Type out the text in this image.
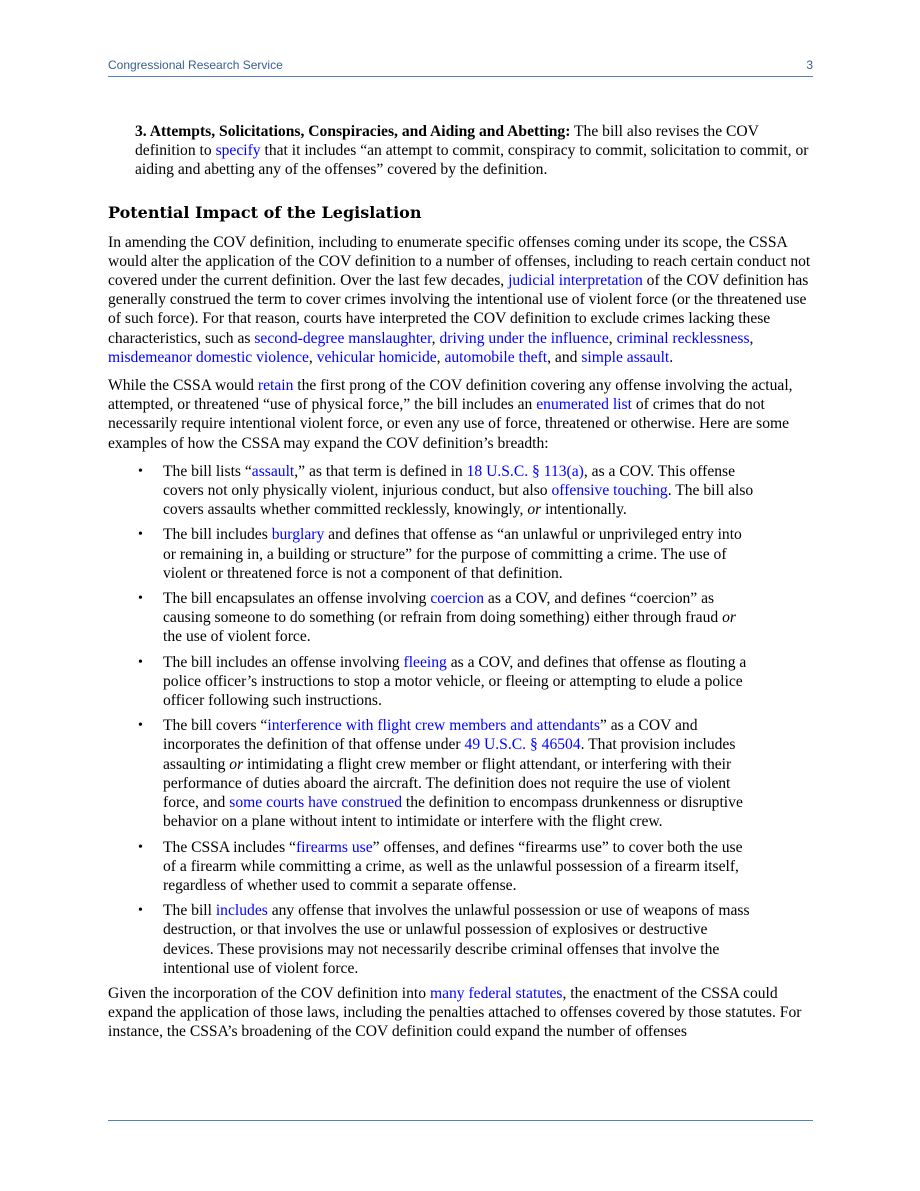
Congressional Research Service	3

3. Attempts, Solicitations, Conspiracies, and Aiding and Abetting: The bill also revises the COV definition to specify that it includes “an attempt to commit, conspiracy to commit, solicitation to commit, or aiding and abetting any of the offenses” covered by the definition.

Potential Impact of the Legislation

In amending the COV definition, including to enumerate specific offenses coming under its scope, the CSSA would alter the application of the COV definition to a number of offenses, including to reach certain conduct not covered under the current definition. Over the last few decades, judicial interpretation of the COV definition has generally construed the term to cover crimes involving the intentional use of violent force (or the threatened use of such force). For that reason, courts have interpreted the COV definition to exclude crimes lacking these characteristics, such as second-degree manslaughter, driving under the influence, criminal recklessness, misdemeanor domestic violence, vehicular homicide, automobile theft, and simple assault.

While the CSSA would retain the first prong of the COV definition covering any offense involving the actual, attempted, or threatened “use of physical force,” the bill includes an enumerated list of crimes that do not necessarily require intentional violent force, or even any use of force, threatened or otherwise. Here are some examples of how the CSSA may expand the COV definition’s breadth:

• The bill lists “assault,” as that term is defined in 18 U.S.C. § 113(a), as a COV. This offense covers not only physically violent, injurious conduct, but also offensive touching. The bill also covers assaults whether committed recklessly, knowingly, or intentionally.
• The bill includes burglary and defines that offense as “an unlawful or unprivileged entry into or remaining in, a building or structure” for the purpose of committing a crime. The use of violent or threatened force is not a component of that definition.
• The bill encapsulates an offense involving coercion as a COV, and defines “coercion” as causing someone to do something (or refrain from doing something) either through fraud or the use of violent force.
• The bill includes an offense involving fleeing as a COV, and defines that offense as flouting a police officer’s instructions to stop a motor vehicle, or fleeing or attempting to elude a police officer following such instructions.
• The bill covers “interference with flight crew members and attendants” as a COV and incorporates the definition of that offense under 49 U.S.C. § 46504. That provision includes assaulting or intimidating a flight crew member or flight attendant, or interfering with their performance of duties aboard the aircraft. The definition does not require the use of violent force, and some courts have construed the definition to encompass drunkenness or disruptive behavior on a plane without intent to intimidate or interfere with the flight crew.
• The CSSA includes “firearms use” offenses, and defines “firearms use” to cover both the use of a firearm while committing a crime, as well as the unlawful possession of a firearm itself, regardless of whether used to commit a separate offense.
• The bill includes any offense that involves the unlawful possession or use of weapons of mass destruction, or that involves the use or unlawful possession of explosives or destructive devices. These provisions may not necessarily describe criminal offenses that involve the intentional use of violent force.

Given the incorporation of the COV definition into many federal statutes, the enactment of the CSSA could expand the application of those laws, including the penalties attached to offenses covered by those statutes. For instance, the CSSA’s broadening of the COV definition could expand the number of offenses
